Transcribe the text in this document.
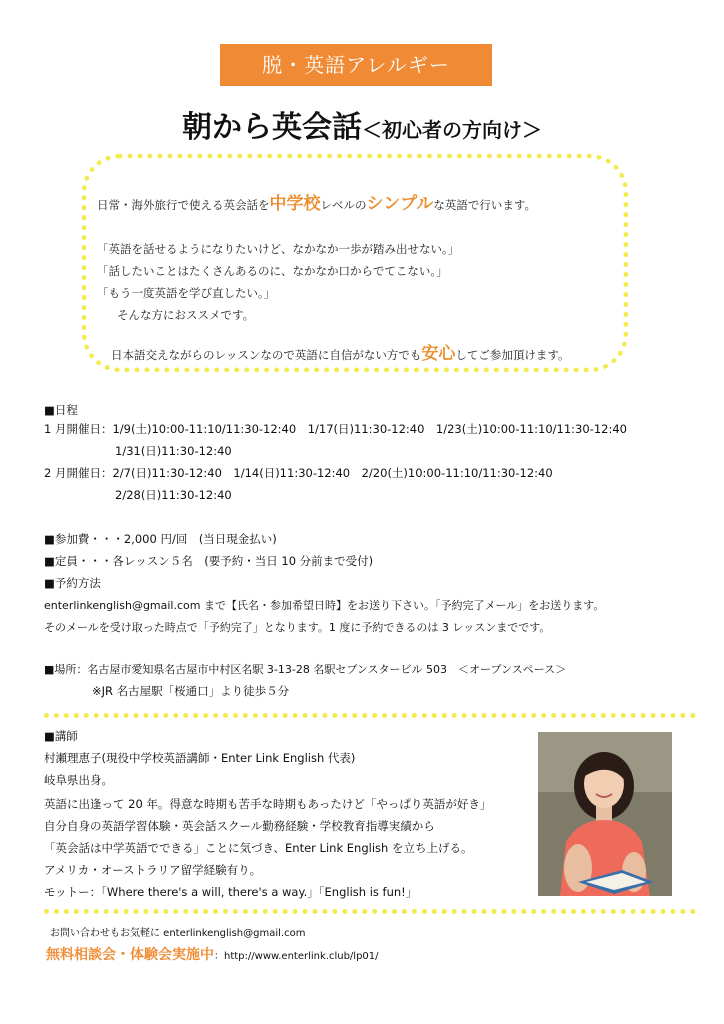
脱・英語アレルギー
朝から英会話＜初心者の方向け＞
日常・海外旅行で使える英会話を中学校レベルのシンプルな英語で行います。
「英語を話せるようになりたいけど、なかなか一歩が踏み出せない。」
「話したいことはたくさんあるのに、なかなか口からでてこない。」
「もう一度英語を学び直したい。」
そんな方におススメです。
日本語交えながらのレッスンなので英語に自信がない方でも安心してご参加頂けます。
■日程
1 月開催日：1/9(土)10:00-11:10/11:30-12:40　1/17(日)11:30-12:40　1/23(土)10:00-11:10/11:30-12:40
1/31(日)11:30-12:40
2 月開催日：2/7(日)11:30-12:40　1/14(日)11:30-12:40　2/20(土)10:00-11:10/11:30-12:40
2/28(日)11:30-12:40
■参加費・・・2,000 円/回　(当日現金払い)
■定員・・・各レッスン５名　(要予約・当日 10 分前まで受付)
■予約方法
enterlinkenglish@gmail.com まで【氏名・参加希望日時】をお送り下さい。「予約完了メール」をお送ります。
そのメールを受け取った時点で「予約完了」となります。1 度に予約できるのは 3 レッスンまでです。
■場所：名古屋市愛知県名古屋市中村区名駅 3-13-28 名駅セブンスタービル 503　＜オープンスペース＞
※JR 名古屋駅「桜通口」より徒歩５分
■講師
村瀬理恵子(現役中学校英語講師・Enter Link English 代表)
岐阜県出身。
英語に出逢って 20 年。得意な時期も苦手な時期もあったけど「やっぱり英語が好き」
自分自身の英語学習体験・英会話スクール勤務経験・学校教育指導実績から
「英会話は中学英語でできる」ことに気づき、Enter Link English を立ち上げる。
アメリカ・オーストラリア留学経験有り。
モットー：「Where there's a will, there's a way.」「English is fun!」
お問い合わせもお気軽に enterlinkenglish@gmail.com
無料相談会・体験会実施中：http://www.enterlink.club/lp01/
